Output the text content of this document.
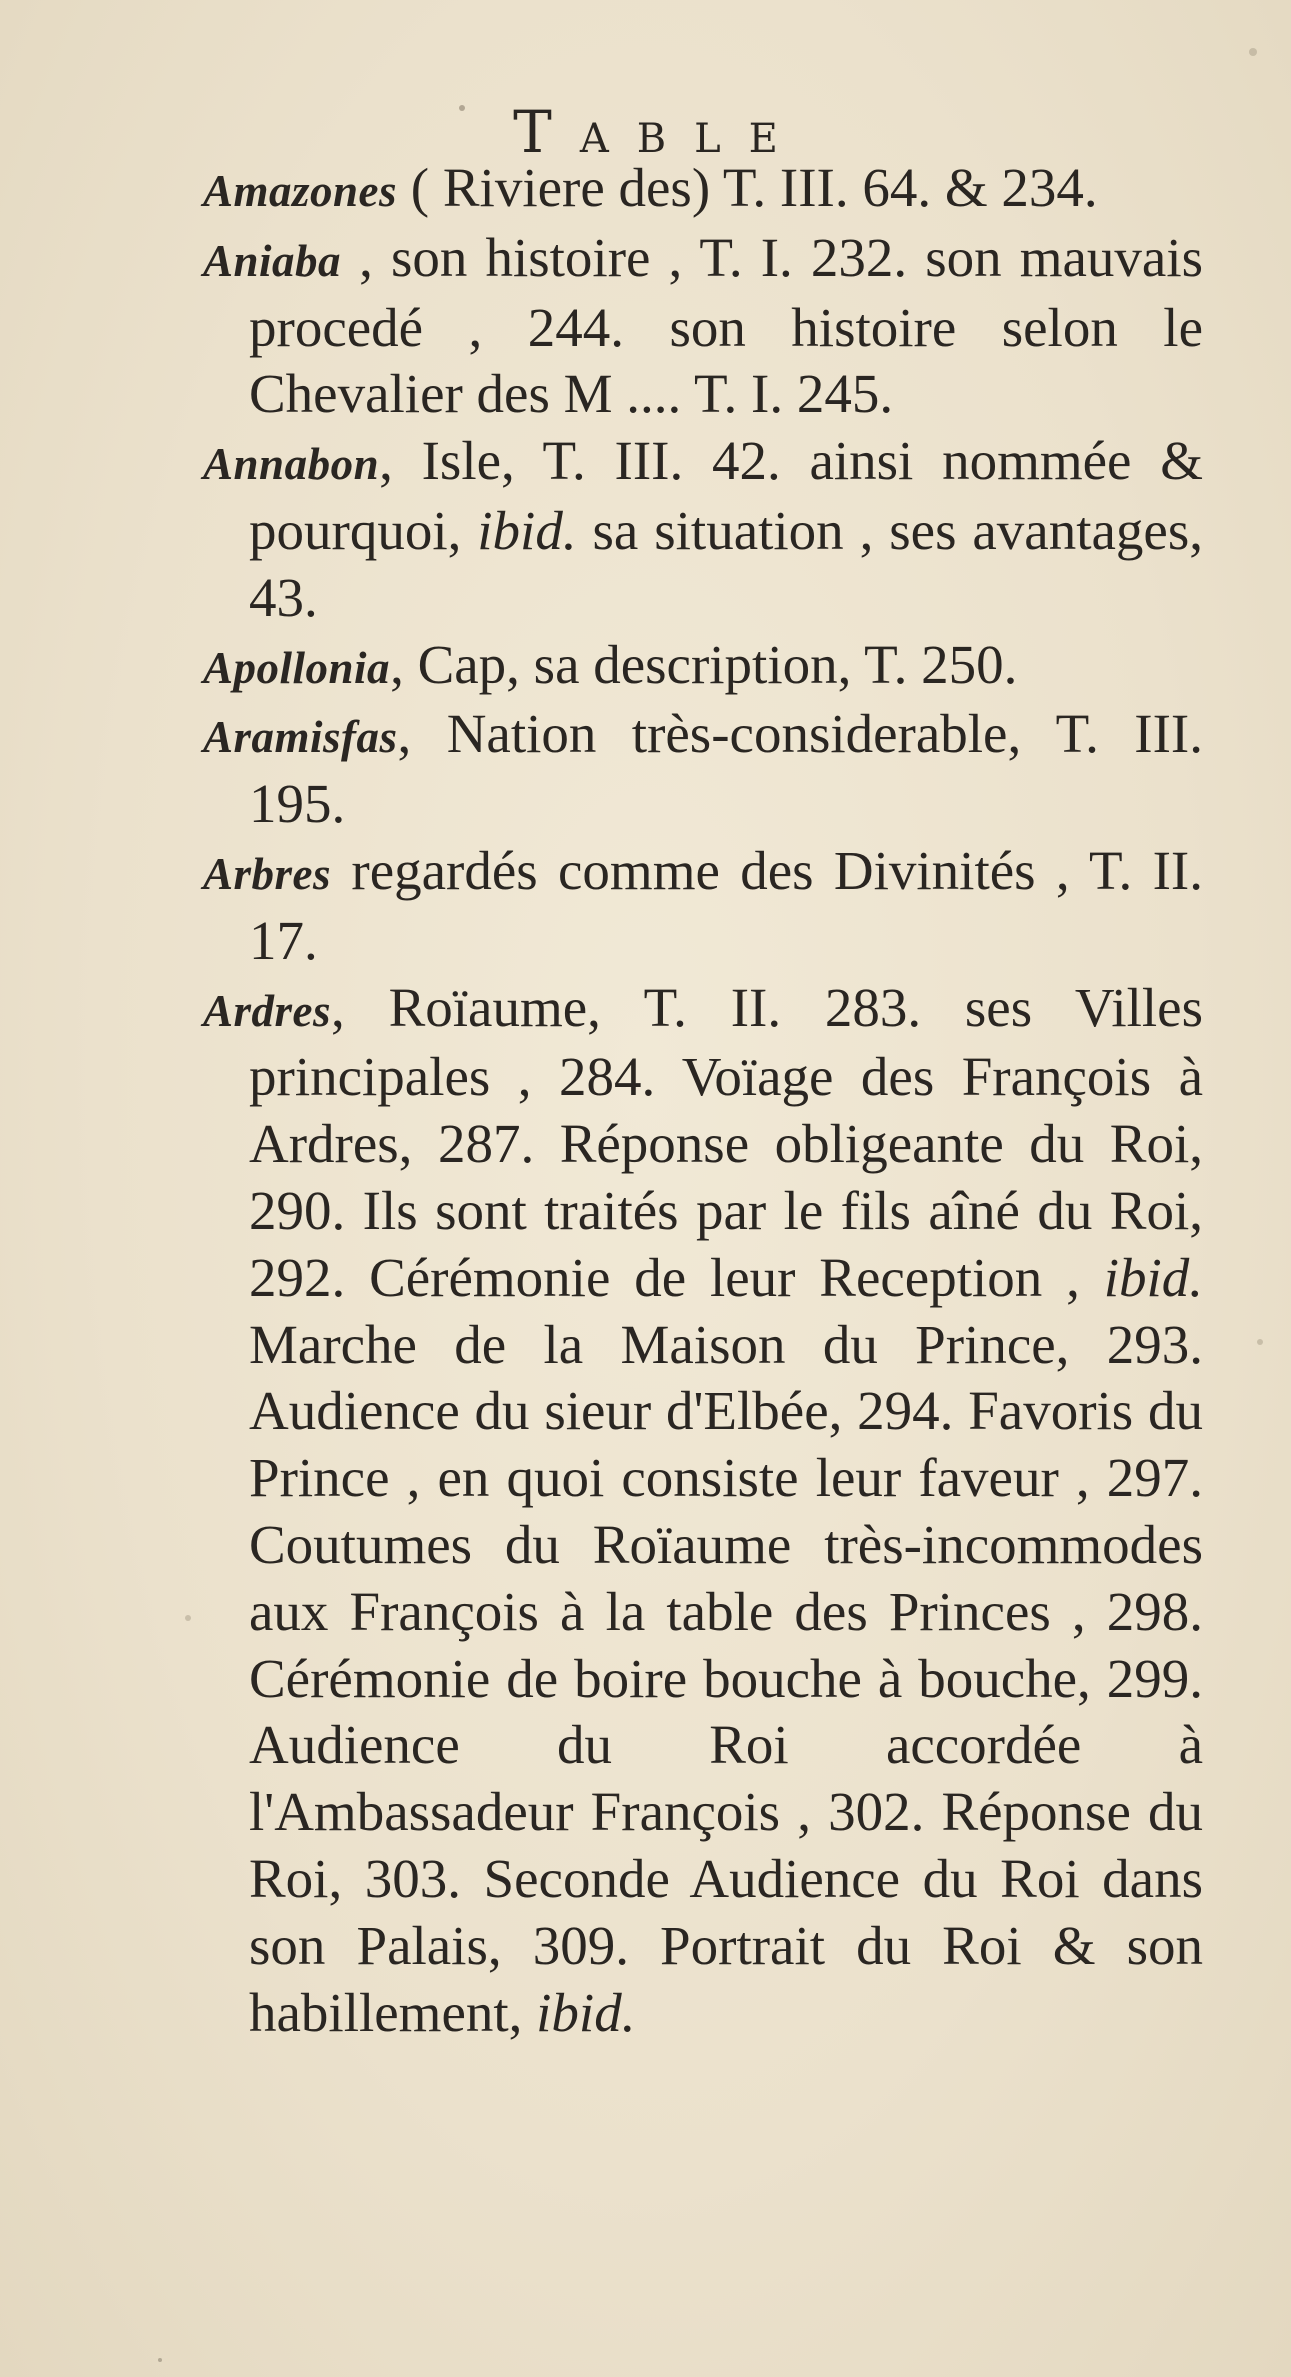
TABLE

Amazones ( Riviere des) T. III. 64. & 234.

Aniaba , son histoire , T. I. 232. son mauvais procedé , 244. son histoire selon le Chevalier des M .... T. I. 245.

Annabon, Isle, T. III. 42. ainsi nommée & pourquoi, ibid. sa situation , ses avantages, 43.

Apollonia, Cap, sa description, T. 250.

Aramisfas, Nation très-considerable, T. III. 195.

Arbres regardés comme des Divinités , T. II. 17.

Ardres, Roïaume, T. II. 283. ses Villes principales , 284. Voïage des François à Ardres, 287. Réponse obligeante du Roi, 290. Ils sont traités par le fils aîné du Roi, 292. Cérémonie de leur Reception , ibid. Marche de la Maison du Prince, 293. Audience du sieur d'Elbée, 294. Favoris du Prince , en quoi consiste leur faveur , 297. Coutumes du Roïaume très-incommodes aux François à la table des Princes , 298. Cérémonie de boire bouche à bouche, 299. Audience du Roi accordée à l'Ambassadeur François , 302. Réponse du Roi, 303. Seconde Audience du Roi dans son Palais, 309. Portrait du Roi & son habillement, ibid.
